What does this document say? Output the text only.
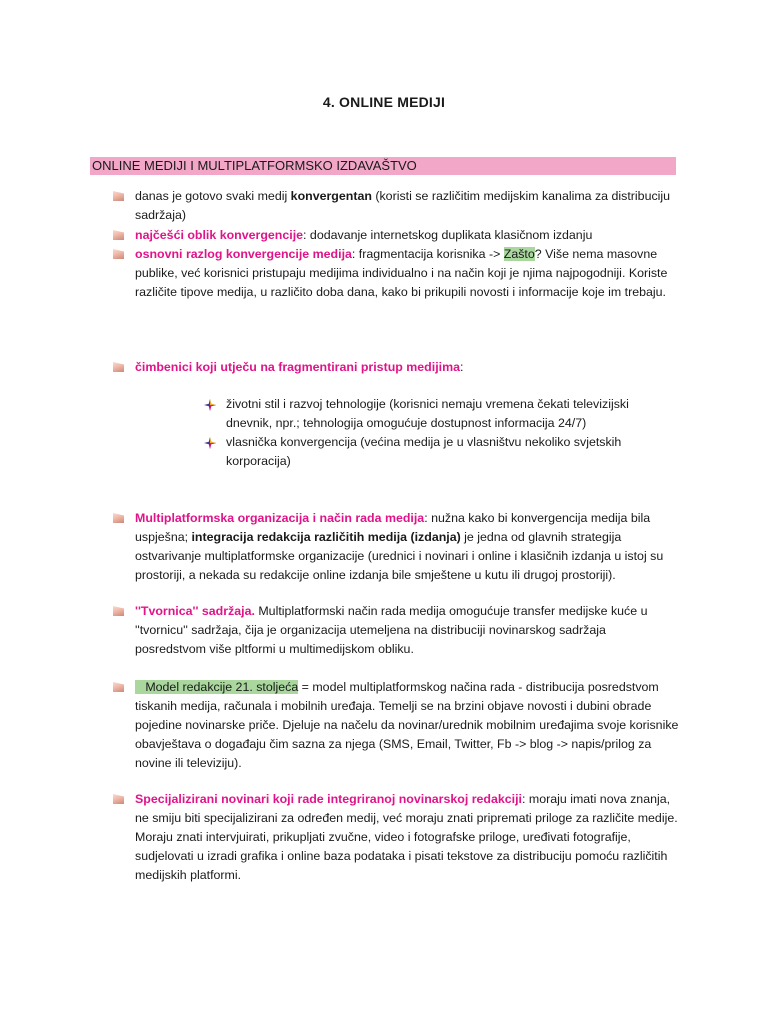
4. ONLINE MEDIJI
ONLINE MEDIJI I MULTIPLATFORMSKO IZDAVAŠTVO
danas je gotovo svaki medij konvergentan (koristi se različitim medijskim kanalima za distribuciju sadržaja)
najčešći oblik konvergencije: dodavanje internetskog duplikata klasičnom izdanju
osnovni razlog konvergencije medija: fragmentacija korisnika -> Zašto? Više nema masovne publike, već korisnici pristupaju medijima individualno i na način koji je njima najpogodniji. Koriste različite tipove medija, u različito doba dana, kako bi prikupili novosti i informacije koje im trebaju.
čimbenici koji utječu na fragmentirani pristup medijima:
životni stil i razvoj tehnologije (korisnici nemaju vremena čekati televizijski dnevnik, npr.; tehnologija omogućuje dostupnost informacija 24/7)
vlasnička konvergencija (većina medija je u vlasništvu nekoliko svjetskih korporacija)
Multiplatformska organizacija i način rada medija: nužna kako bi konvergencija medija bila uspješna; integracija redakcija različitih medija (izdanja) je jedna od glavnih strategija ostvarivanje multiplatformske organizacije (urednici i novinari i online i klasičnih izdanja u istoj su prostoriji, a nekada su redakcije online izdanja bile smještene u kutu ili drugoj prostoriji).
''Tvornica'' sadržaja. Multiplatformski način rada medija omogućuje transfer medijske kuće u ''tvornicu'' sadržaja, čija je organizacija utemeljena na distribuciji novinarskog sadržaja posredstvom više pltformi u multimedijskom obliku.
Model redakcije 21. stoljeća = model multiplatformskog načina rada - distribucija posredstvom tiskanih medija, računala i mobilnih uređaja. Temelji se na brzini objave novosti i dubini obrade pojedine novinarske priče. Djeluje na načelu da novinar/urednik mobilnim uređajima svoje korisnike obavještava o događaju čim sazna za njega (SMS, Email, Twitter, Fb -> blog -> napis/prilog za novine ili televiziju).
Specijalizirani novinari koji rade integriranoj novinarskoj redakciji: moraju imati nova znanja, ne smiju biti specijalizirani za određen medij, već moraju znati pripremati priloge za različite medije. Moraju znati intervjuirati, prikupljati zvučne, video i fotografske priloge, uređivati fotografije, sudjelovati u izradi grafika i online baza podataka i pisati tekstove za distribuciju pomoću različitih medijskih platformi.
